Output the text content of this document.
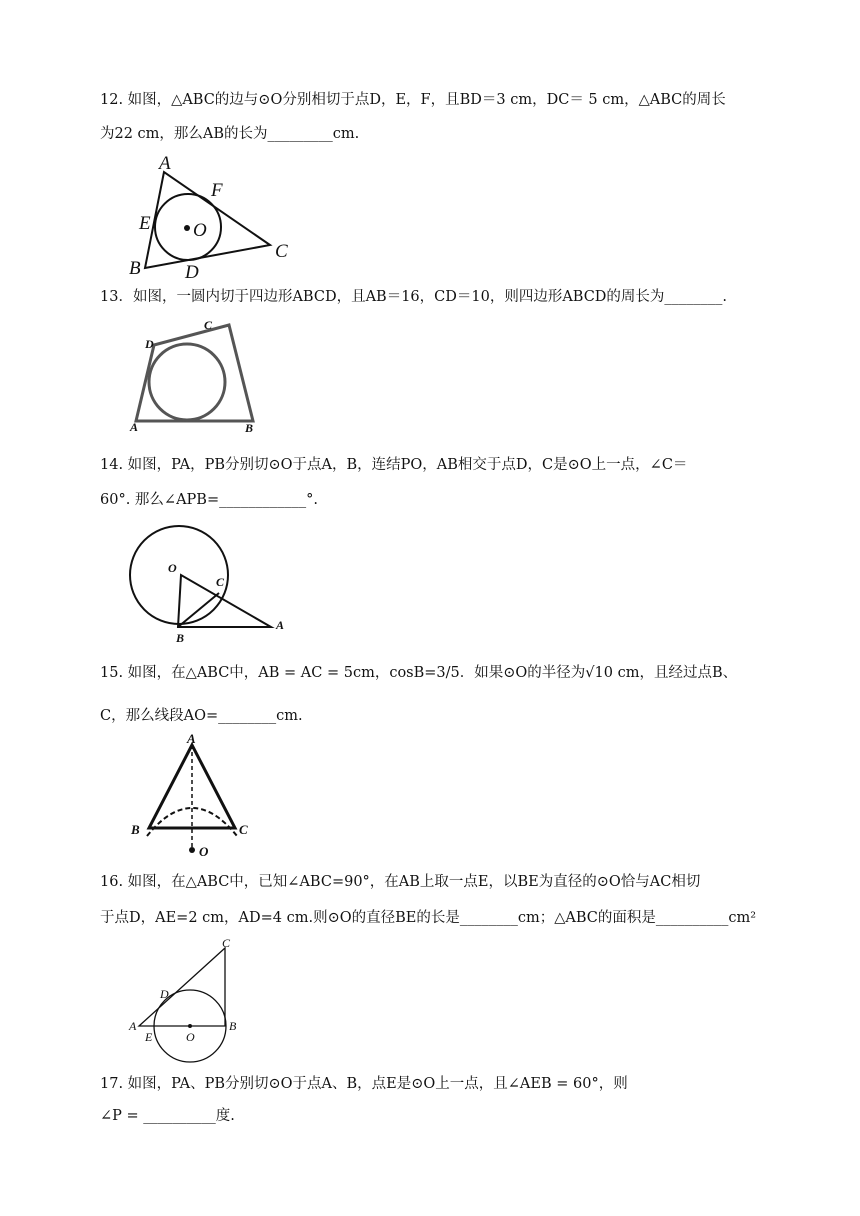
12. 如图，△ABC的边与⊙O分别相切于点D，E，F，且BD＝3 cm，DC＝ 5 cm，△ABC的周长
为22 cm，那么AB的长为_________cm.
A
B
C
D
E
F
O
13．如图，一圆内切于四边形ABCD，且AB＝16，CD＝10，则四边形ABCD的周长为________.
A	B
C
D
14. 如图，PA，PB分别切⊙O于点A，B，连结PO，AB相交于点D，C是⊙O上一点，∠C＝
60°. 那么∠APB=____________°.
O
C
B
A
15. 如图，在△ABC中，AB = AC = 5cm，cosB=3/5．如果⊙O的半径为√10 cm，且经过点B、
C，那么线段AO=________cm.
A
B	C
O
16. 如图，在△ABC中，已知∠ABC=90°，在AB上取一点E，以BE为直径的⊙O恰与AC相切
于点D，AE=2 cm，AD=4 cm.则⊙O的直径BE的长是________cm；△ABC的面积是__________cm²
C
D
A
E	O
B
17. 如图，PA、PB分别切⊙O于点A、B，点E是⊙O上一点，且∠AEB = 60°，则
∠P = __________度.
